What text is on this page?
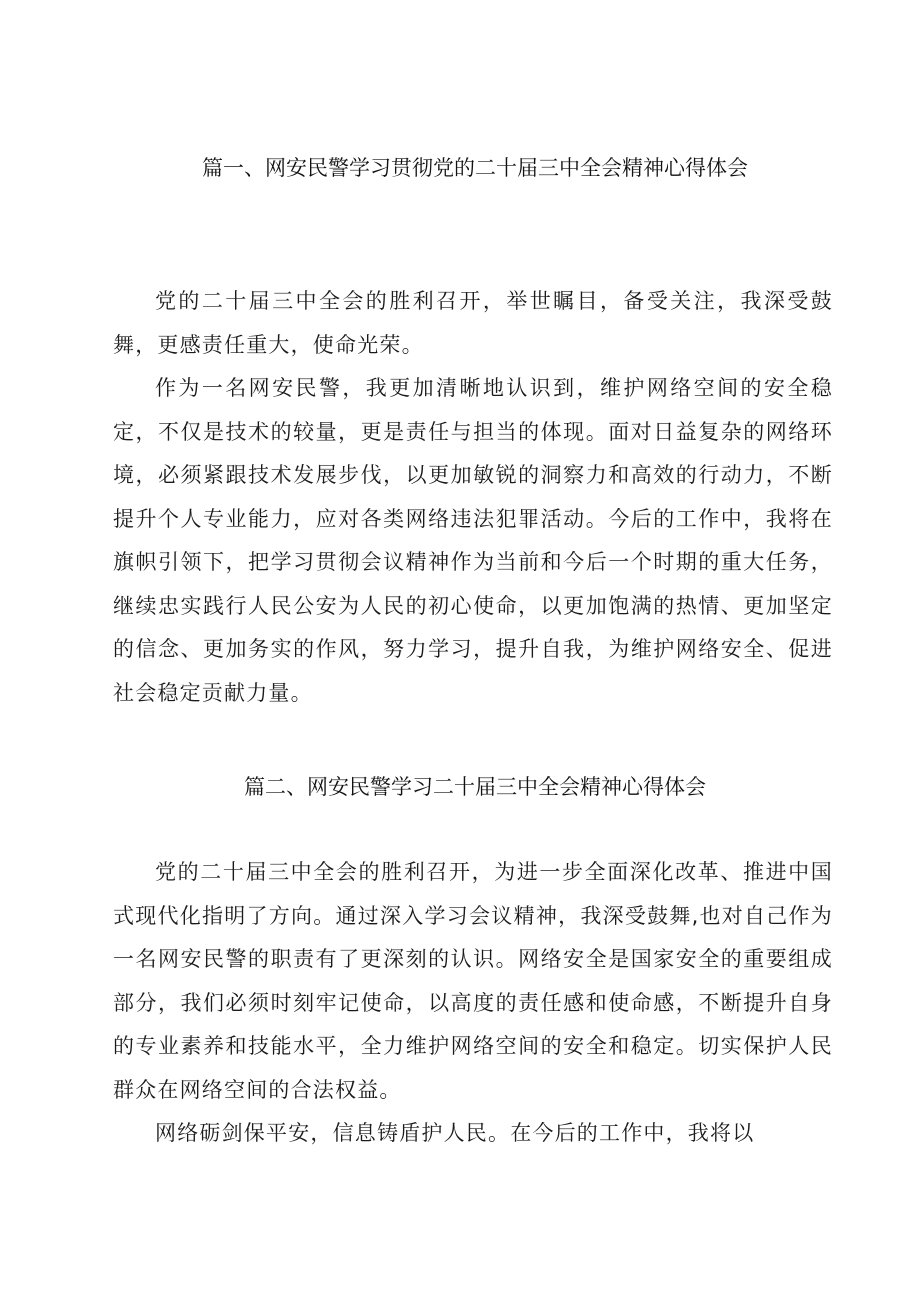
篇一、网安民警学习贯彻党的二十届三中全会精神心得体会

党的二十届三中全会的胜利召开，举世瞩目，备受关注，我深受鼓舞，更感责任重大，使命光荣。

作为一名网安民警，我更加清晰地认识到，维护网络空间的安全稳定，不仅是技术的较量，更是责任与担当的体现。面对日益复杂的网络环境，必须紧跟技术发展步伐，以更加敏锐的洞察力和高效的行动力，不断提升个人专业能力，应对各类网络违法犯罪活动。今后的工作中，我将在旗帜引领下，把学习贯彻会议精神作为当前和今后一个时期的重大任务，继续忠实践行人民公安为人民的初心使命，以更加饱满的热情、更加坚定的信念、更加务实的作风，努力学习，提升自我，为维护网络安全、促进社会稳定贡献力量。

篇二、网安民警学习二十届三中全会精神心得体会

党的二十届三中全会的胜利召开，为进一步全面深化改革、推进中国式现代化指明了方向。通过深入学习会议精神，我深受鼓舞,也对自己作为一名网安民警的职责有了更深刻的认识。网络安全是国家安全的重要组成部分，我们必须时刻牢记使命，以高度的责任感和使命感，不断提升自身的专业素养和技能水平，全力维护网络空间的安全和稳定。切实保护人民群众在网络空间的合法权益。

网络砺剑保平安，信息铸盾护人民。在今后的工作中，我将以
